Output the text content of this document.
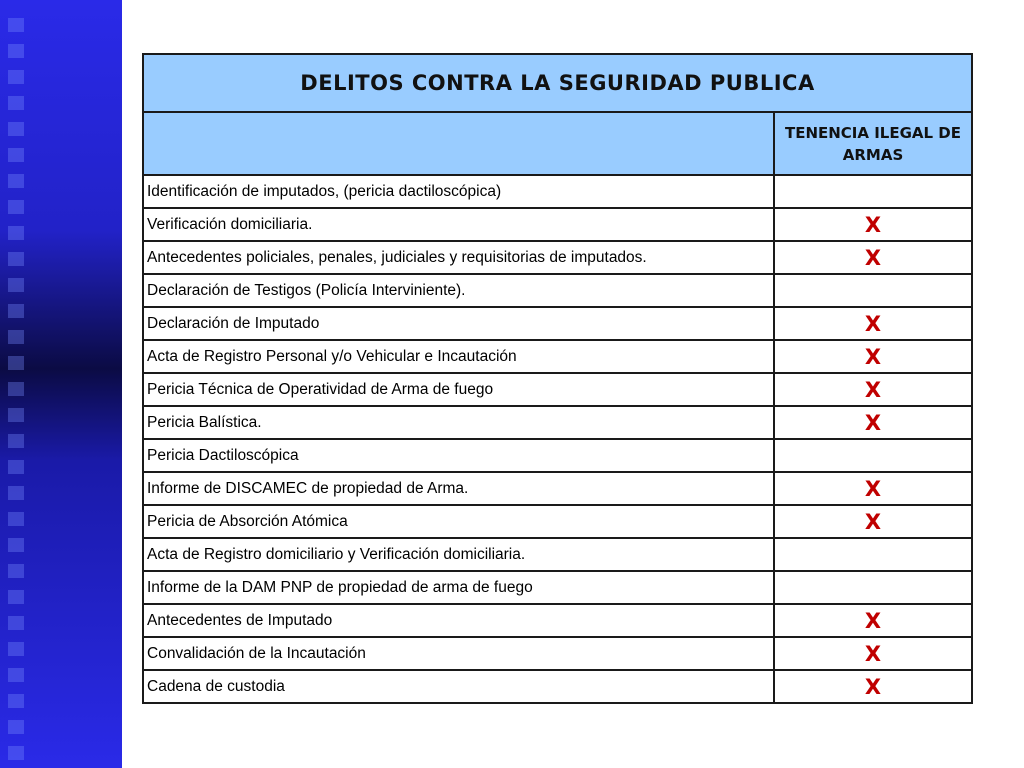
DELITOS CONTRA LA SEGURIDAD PUBLICA	
	TENENCIA ILEGAL DE ARMAS
Identificación de imputados, (pericia dactiloscópica)	
Verificación domiciliaria.	X
Antecedentes policiales, penales, judiciales y requisitorias de imputados.	X
Declaración de Testigos (Policía Interviniente).	
Declaración de Imputado	X
Acta de Registro Personal y/o Vehicular e Incautación	X
Pericia Técnica de Operatividad de Arma de fuego	X
Pericia Balística.	X
Pericia Dactiloscópica	
Informe de DISCAMEC de propiedad de Arma.	X
Pericia de Absorción Atómica	X
Acta de Registro domiciliario y Verificación domiciliaria.	
Informe de la DAM PNP de propiedad de arma de fuego	
Antecedentes de Imputado	X
Convalidación de la Incautación	X
Cadena de custodia	X
